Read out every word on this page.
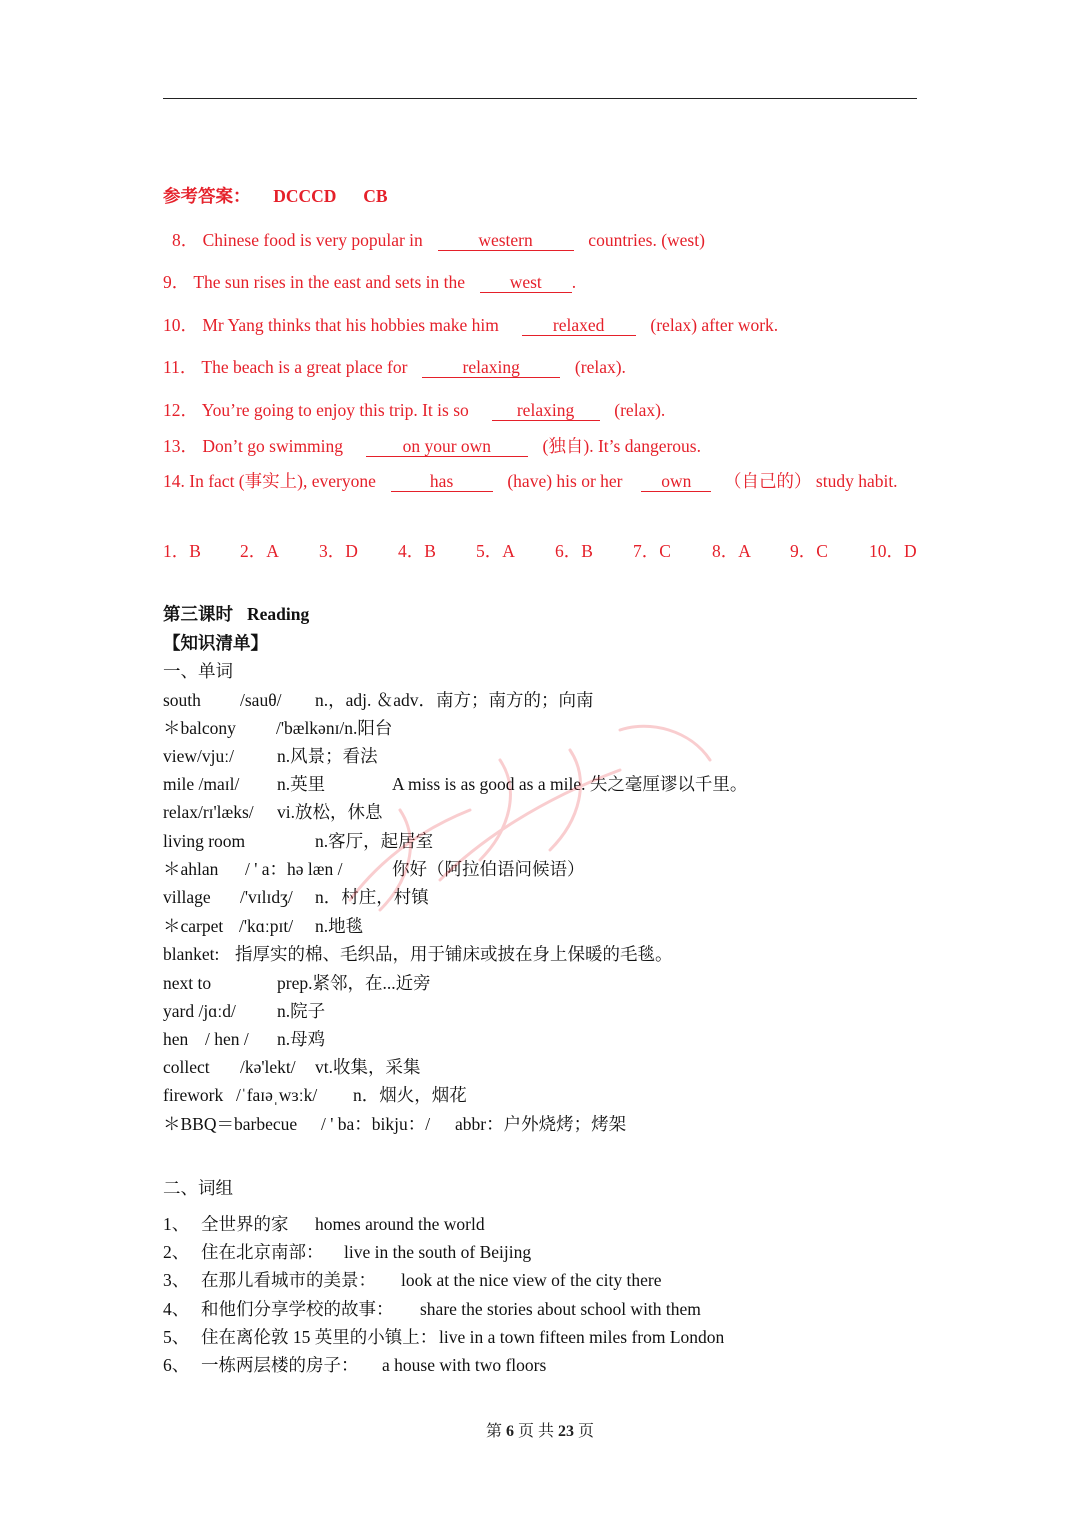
参考答案： DCCCD CB
8． Chinese food is very popular in	western	countries. (west)
9． The sun rises in the east and sets in the	west .
10． Mr Yang thinks that his hobbies make him	relaxed	(relax) after work.
11． The beach is a great place for	relaxing	(relax).
12． You’re going to enjoy this trip. It is so	relaxing (relax).
13． Don’t go swimming	on your own	(独自). It’s dangerous.
14. In fact (事实上), everyone	has	(have) his or her own （自己的） study habit.
1．B 2．A 3．D 4．B 5．A 6．B 7．C 8．A 9．C 10．D
第三课时 Reading
【知识清单】
一、单词
south /sauθ/ n.，adj. ＆adv．南方；南方的；向南
＊balcony /'bælkənɪ/n.阳台
view/vjuː/ n.风景；看法
mile /maɪl/ n.英里	A miss is as good as a mile. 失之毫厘谬以千里。
relax/rɪ'læks/ vi.放松，休息
living room	n.客厅，起居室
＊ahlan / ' a：hə læn /	你好（阿拉伯语问候语）
village /'vɪlɪdʒ/ n．村庄，村镇
＊carpet /'kɑːpɪt/ n.地毯
blanket: 指厚实的棉、毛织品，用于铺床或披在身上保暖的毛毯。
next to	prep.紧邻，在...近旁
yard /jɑːd/ n.院子
hen / hen / n.母鸡
collect /kə'lekt/ vt.收集，采集
firework /ˈfaɪəˌwɜːk/ n．烟火，烟花
＊BBQ＝barbecue / ' ba：bikju：/ abbr：户外烧烤；烤架
二、词组
1、 全世界的家 homes around the world
2、 住在北京南部： live in the south of Beijing
3、 在那儿看城市的美景： look at the nice view of the city there
4、 和他们分享学校的故事： share the stories about school with them
5、 住在离伦敦 15 英里的小镇上： live in a town fifteen miles from London
6、 一栋两层楼的房子： a house with two floors
第 6 页 共 23 页
